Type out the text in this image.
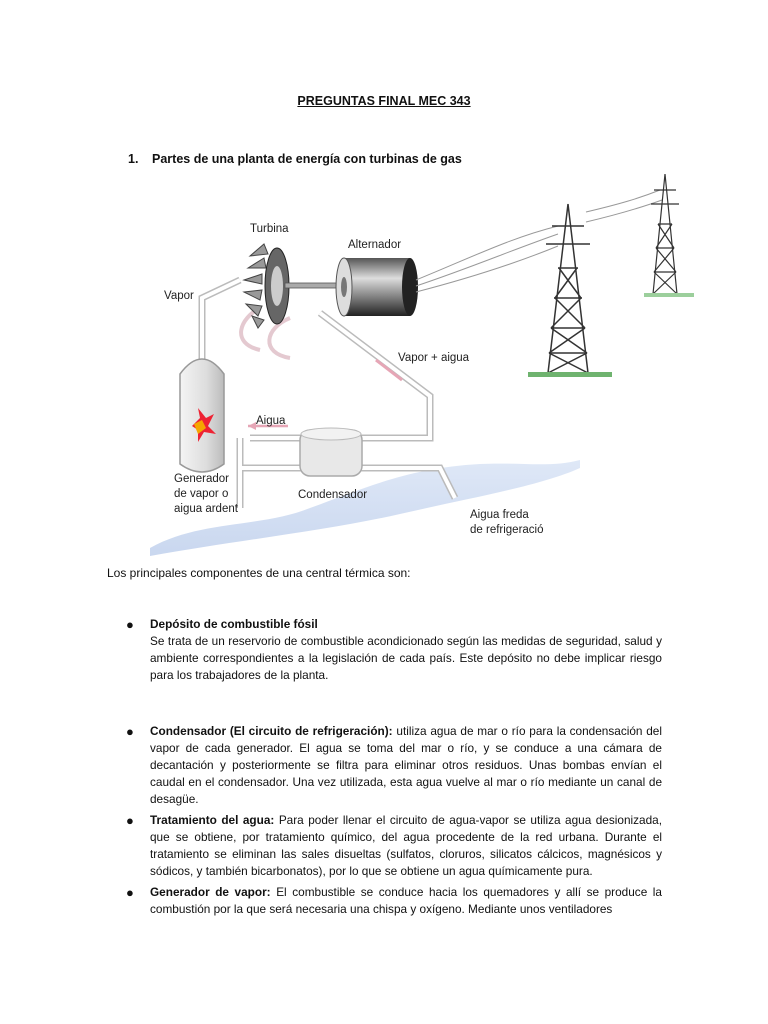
PREGUNTAS FINAL MEC 343
1. Partes de una planta de energía con turbinas de gas
Turbina
Alternador
Vapor
Vapor + aigua
Aigua
Generador
de vapor o
aigua ardent
Condensador
Aigua freda
de refrigeració
Los principales componentes de una central térmica son:
●	Depósito de combustible fósil
Se trata de un reservorio de combustible acondicionado según las medidas de seguridad, salud y ambiente correspondientes a la legislación de cada país. Este depósito no debe implicar riesgo para los trabajadores de la planta.
●	Condensador (El circuito de refrigeración): utiliza agua de mar o río para la condensación del vapor de cada generador. El agua se toma del mar o río, y se conduce a una cámara de decantación y posteriormente se filtra para eliminar otros residuos. Unas bombas envían el caudal en el condensador. Una vez utilizada, esta agua vuelve al mar o río mediante un canal de desagüe.
●	Tratamiento del agua: Para poder llenar el circuito de agua-vapor se utiliza agua desionizada, que se obtiene, por tratamiento químico, del agua procedente de la red urbana. Durante el tratamiento se eliminan las sales disueltas (sulfatos, cloruros, silicatos cálcicos, magnésicos y sódicos, y también bicarbonatos), por lo que se obtiene un agua químicamente pura.
●	Generador de vapor: El combustible se conduce hacia los quemadores y allí se produce la combustión por la que será necesaria una chispa y oxígeno. Mediante unos ventiladores
